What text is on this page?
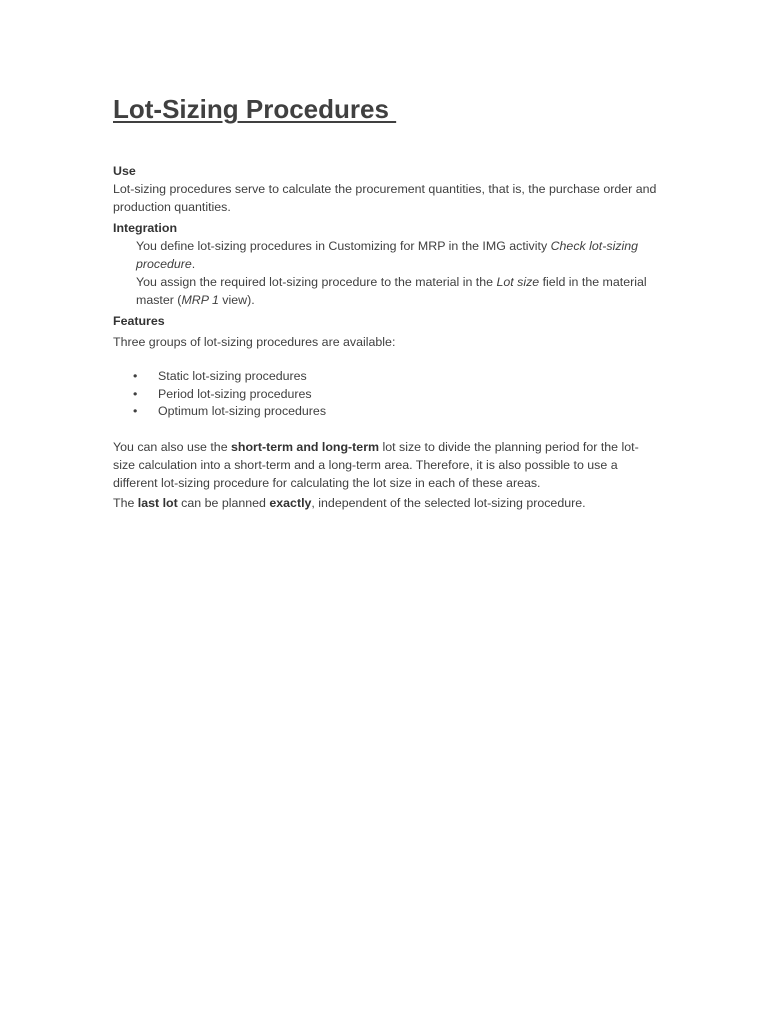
Lot-Sizing Procedures
Use

Lot-sizing procedures serve to calculate the procurement quantities, that is, the purchase order and production quantities.

Integration

You define lot-sizing procedures in Customizing for MRP in the IMG activity Check lot-sizing procedure.

You assign the required lot-sizing procedure to the material in the Lot size field in the material master (MRP 1 view).

Features

Three groups of lot-sizing procedures are available:

• Static lot-sizing procedures
• Period lot-sizing procedures
• Optimum lot-sizing procedures

You can also use the short-term and long-term lot size to divide the planning period for the lot-size calculation into a short-term and a long-term area. Therefore, it is also possible to use a different lot-sizing procedure for calculating the lot size in each of these areas.

The last lot can be planned exactly, independent of the selected lot-sizing procedure.
